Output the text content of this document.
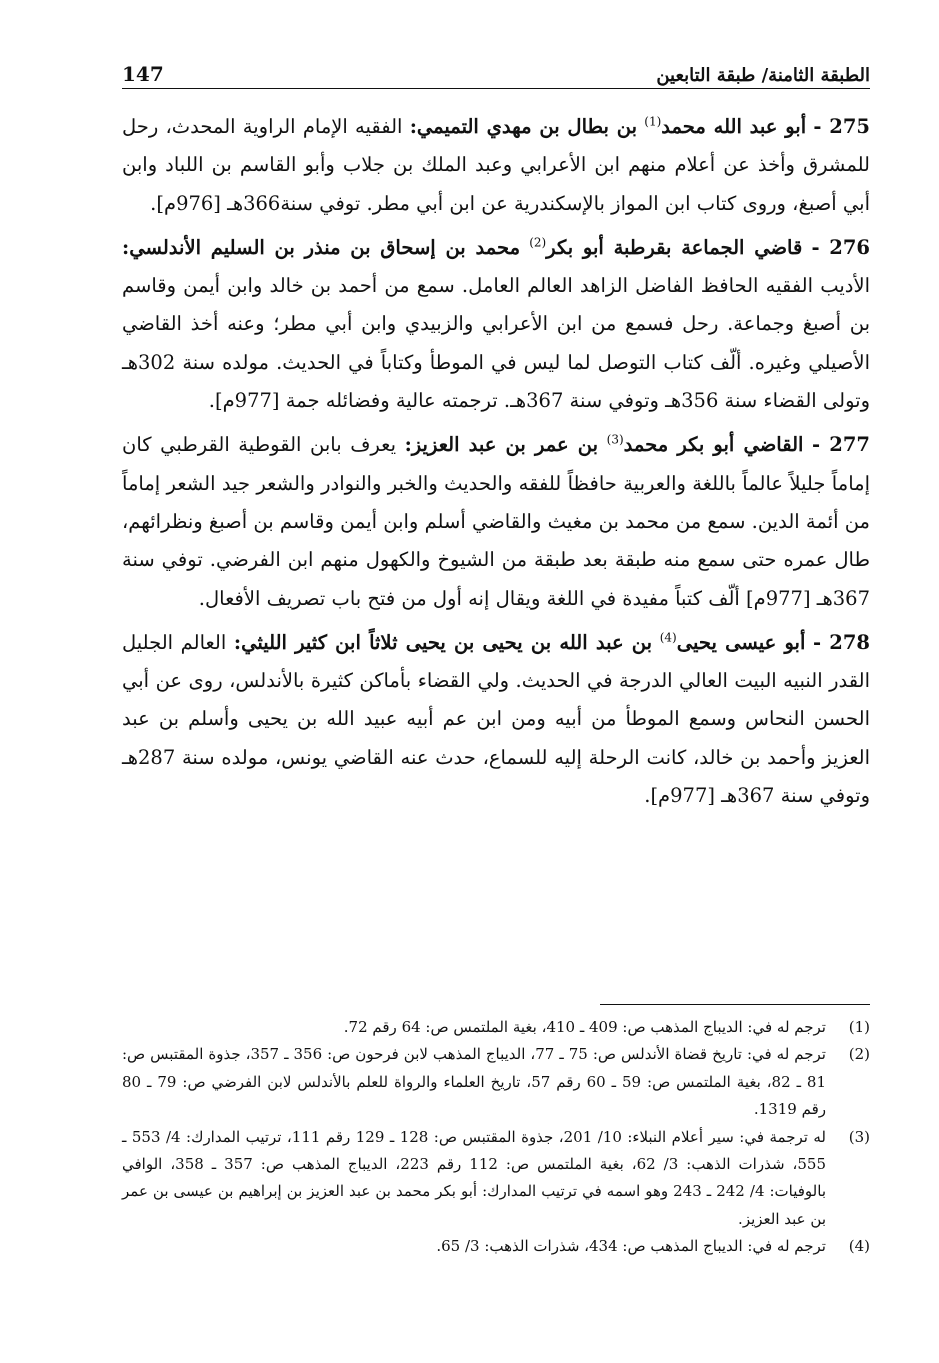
147	الطبقة الثامنة/ طبقة التابعين

275 - أبو عبد الله محمد$^{(1)}$ بن بطال بن مهدي التميمي: الفقيه الإمام الراوية المحدث، رحل للمشرق وأخذ عن أعلام منهم ابن الأعرابي وعبد الملك بن جلاب وأبو القاسم بن اللباد وابن أبي أصبغ، وروى كتاب ابن المواز بالإسكندرية عن ابن أبي مطر. توفي سنة366هـ [976م].

276 - قاضي الجماعة بقرطبة أبو بكر$^{(2)}$ محمد بن إسحاق بن منذر بن السليم الأندلسي: الأديب الفقيه الحافظ الفاضل الزاهد العالم العامل. سمع من أحمد بن خالد وابن أيمن وقاسم بن أصبغ وجماعة. رحل فسمع من ابن الأعرابي والزبيدي وابن أبي مطر؛ وعنه أخذ القاضي الأصيلي وغيره. ألّف كتاب التوصل لما ليس في الموطأ وكتاباً في الحديث. مولده سنة 302هـ وتولى القضاء سنة 356هـ وتوفي سنة 367هـ. ترجمته عالية وفضائله جمة [977م].

277 - القاضي أبو بكر محمد$^{(3)}$ بن عمر بن عبد العزيز: يعرف بابن القوطية القرطبي كان إماماً جليلاً عالماً باللغة والعربية حافظاً للفقه والحديث والخبر والنوادر والشعر جيد الشعر إماماً من أئمة الدين. سمع من محمد بن مغيث والقاضي أسلم وابن أيمن وقاسم بن أصبغ ونظرائهم، طال عمره حتى سمع منه طبقة بعد طبقة من الشيوخ والكهول منهم ابن الفرضي. توفي سنة 367هـ [977م] ألّف كتباً مفيدة في اللغة ويقال إنه أول من فتح باب تصريف الأفعال.

278 - أبو عيسى يحيى$^{(4)}$ بن عبد الله بن يحيى بن يحيى ثلاثاً ابن كثير الليثي: العالم الجليل القدر النبيه البيت العالي الدرجة في الحديث. ولي القضاء بأماكن كثيرة بالأندلس، روى عن أبي الحسن النحاس وسمع الموطأ من أبيه ومن ابن عم أبيه عبيد الله بن يحيى وأسلم بن عبد العزيز وأحمد بن خالد، كانت الرحلة إليه للسماع، حدث عنه القاضي يونس، مولده سنة 287هـ وتوفي سنة 367هـ [977م].

(1)
ترجم له في: الديباج المذهب ص: 409 ـ 410، بغية الملتمس ص: 64 رقم 72.
(2)
ترجم له في: تاريخ قضاة الأندلس ص: 75 ـ 77، الديباج المذهب لابن فرحون ص: 356 ـ 357، جذوة المقتبس ص: 81 ـ 82، بغية الملتمس ص: 59 ـ 60 رقم 57، تاريخ العلماء والرواة للعلم بالأندلس لابن الفرضي ص: 79 ـ 80 رقم 1319.
(3)
له ترجمة في: سير أعلام النبلاء: 10/ 201، جذوة المقتبس ص: 128 ـ 129 رقم 111، ترتيب المدارك: 4/ 553 ـ 555، شذرات الذهب: 3/ 62، بغية الملتمس ص: 112 رقم 223، الديباج المذهب ص: 357 ـ 358، الوافي بالوفيات: 4/ 242 ـ 243 وهو اسمه في ترتيب المدارك: أبو بكر محمد بن عبد العزيز بن إبراهيم بن عيسى بن عمر بن عبد العزيز.
(4)
ترجم له في: الديباج المذهب ص: 434، شذرات الذهب: 3/ 65.
